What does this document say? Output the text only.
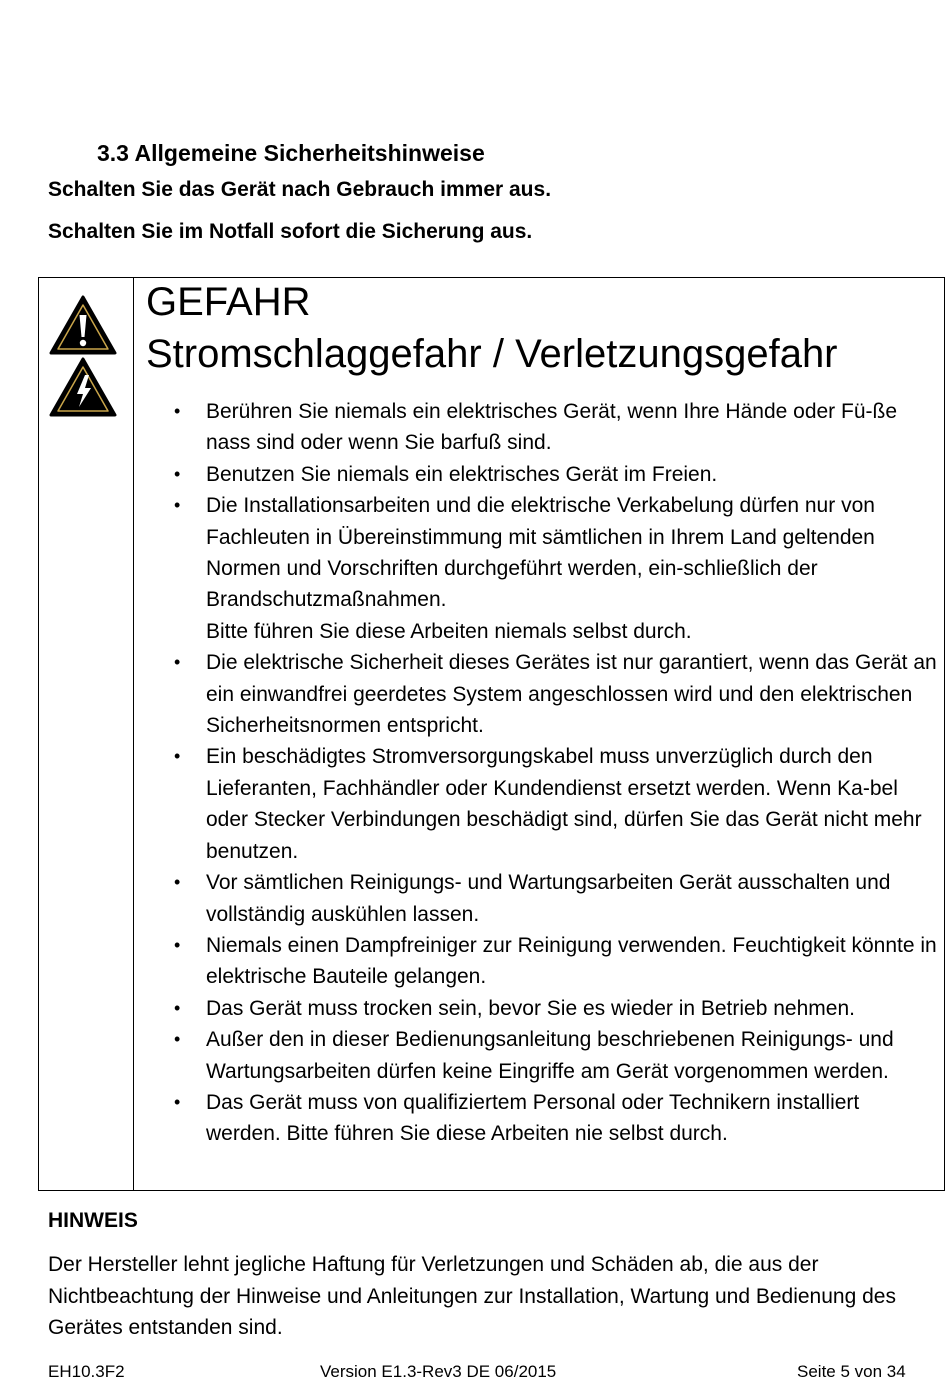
3.3 Allgemeine Sicherheitshinweise
Schalten Sie das Gerät nach Gebrauch immer aus.
Schalten Sie im Notfall sofort die Sicherung aus.
GEFAHR
Stromschlaggefahr / Verletzungsgefahr
• Berühren Sie niemals ein elektrisches Gerät, wenn Ihre Hände oder Fü-ße nass sind oder wenn Sie barfuß sind.
• Benutzen Sie niemals ein elektrisches Gerät im Freien.
• Die Installationsarbeiten und die elektrische Verkabelung dürfen nur von Fachleuten in Übereinstimmung mit sämtlichen in Ihrem Land geltenden Normen und Vorschriften durchgeführt werden, ein-schließlich der Brandschutzmaßnahmen.
Bitte führen Sie diese Arbeiten niemals selbst durch.
• Die elektrische Sicherheit dieses Gerätes ist nur garantiert, wenn das Gerät an ein einwandfrei geerdetes System angeschlossen wird und den elektrischen Sicherheitsnormen entspricht.
• Ein beschädigtes Stromversorgungskabel muss unverzüglich durch den Lieferanten, Fachhändler oder Kundendienst ersetzt werden. Wenn Ka-bel oder Stecker Verbindungen beschädigt sind, dürfen Sie das Gerät nicht mehr benutzen.
• Vor sämtlichen Reinigungs- und Wartungsarbeiten Gerät ausschalten und vollständig auskühlen lassen.
• Niemals einen Dampfreiniger zur Reinigung verwenden. Feuchtigkeit könnte in elektrische Bauteile gelangen.
• Das Gerät muss trocken sein, bevor Sie es wieder in Betrieb nehmen.
• Außer den in dieser Bedienungsanleitung beschriebenen Reinigungs- und Wartungsarbeiten dürfen keine Eingriffe am Gerät vorgenommen werden.
• Das Gerät muss von qualifiziertem Personal oder Technikern installiert werden. Bitte führen Sie diese Arbeiten nie selbst durch.
HINWEIS
Der Hersteller lehnt jegliche Haftung für Verletzungen und Schäden ab, die aus der Nichtbeachtung der Hinweise und Anleitungen zur Installation, Wartung und Bedienung des Gerätes entstanden sind.
EH10.3F2	Version E1.3-Rev3 DE 06/2015	Seite 5 von 34
